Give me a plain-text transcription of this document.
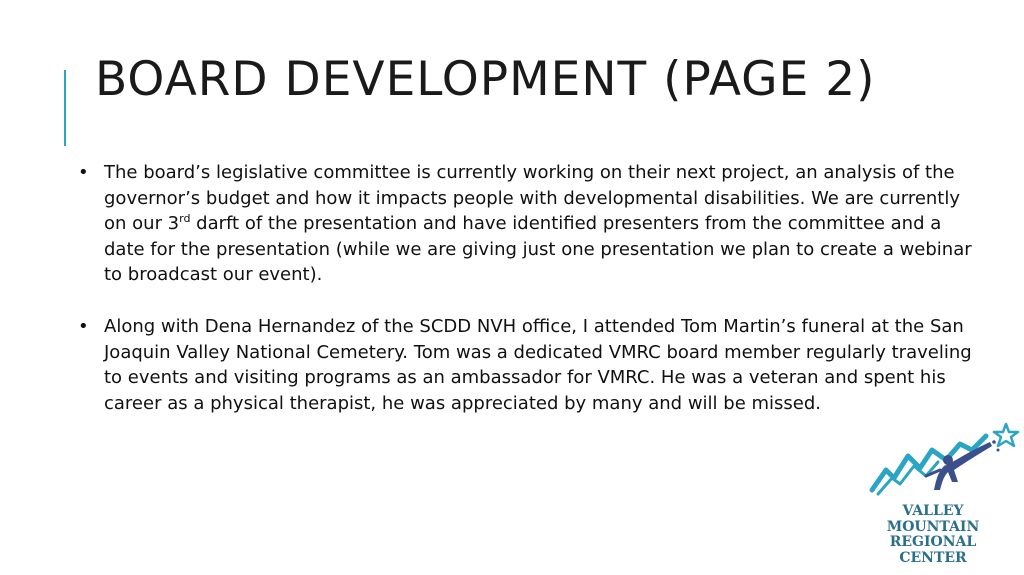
BOARD DEVELOPMENT (PAGE 2)
• The board’s legislative committee is currently working on their next project, an analysis of the governor’s budget and how it impacts people with developmental disabilities. We are currently on our 3rd darft of the presentation and have identified presenters from the committee and a date for the presentation (while we are giving just one presentation we plan to create a webinar to broadcast our event).
• Along with Dena Hernandez of the SCDD NVH office, I attended Tom Martin’s funeral at the San Joaquin Valley National Cemetery. Tom was a dedicated VMRC board member regularly traveling to events and visiting programs as an ambassador for VMRC. He was a veteran and spent his career as a physical therapist, he was appreciated by many and will be missed.
VALLEY
MOUNTAIN
REGIONAL
CENTER
